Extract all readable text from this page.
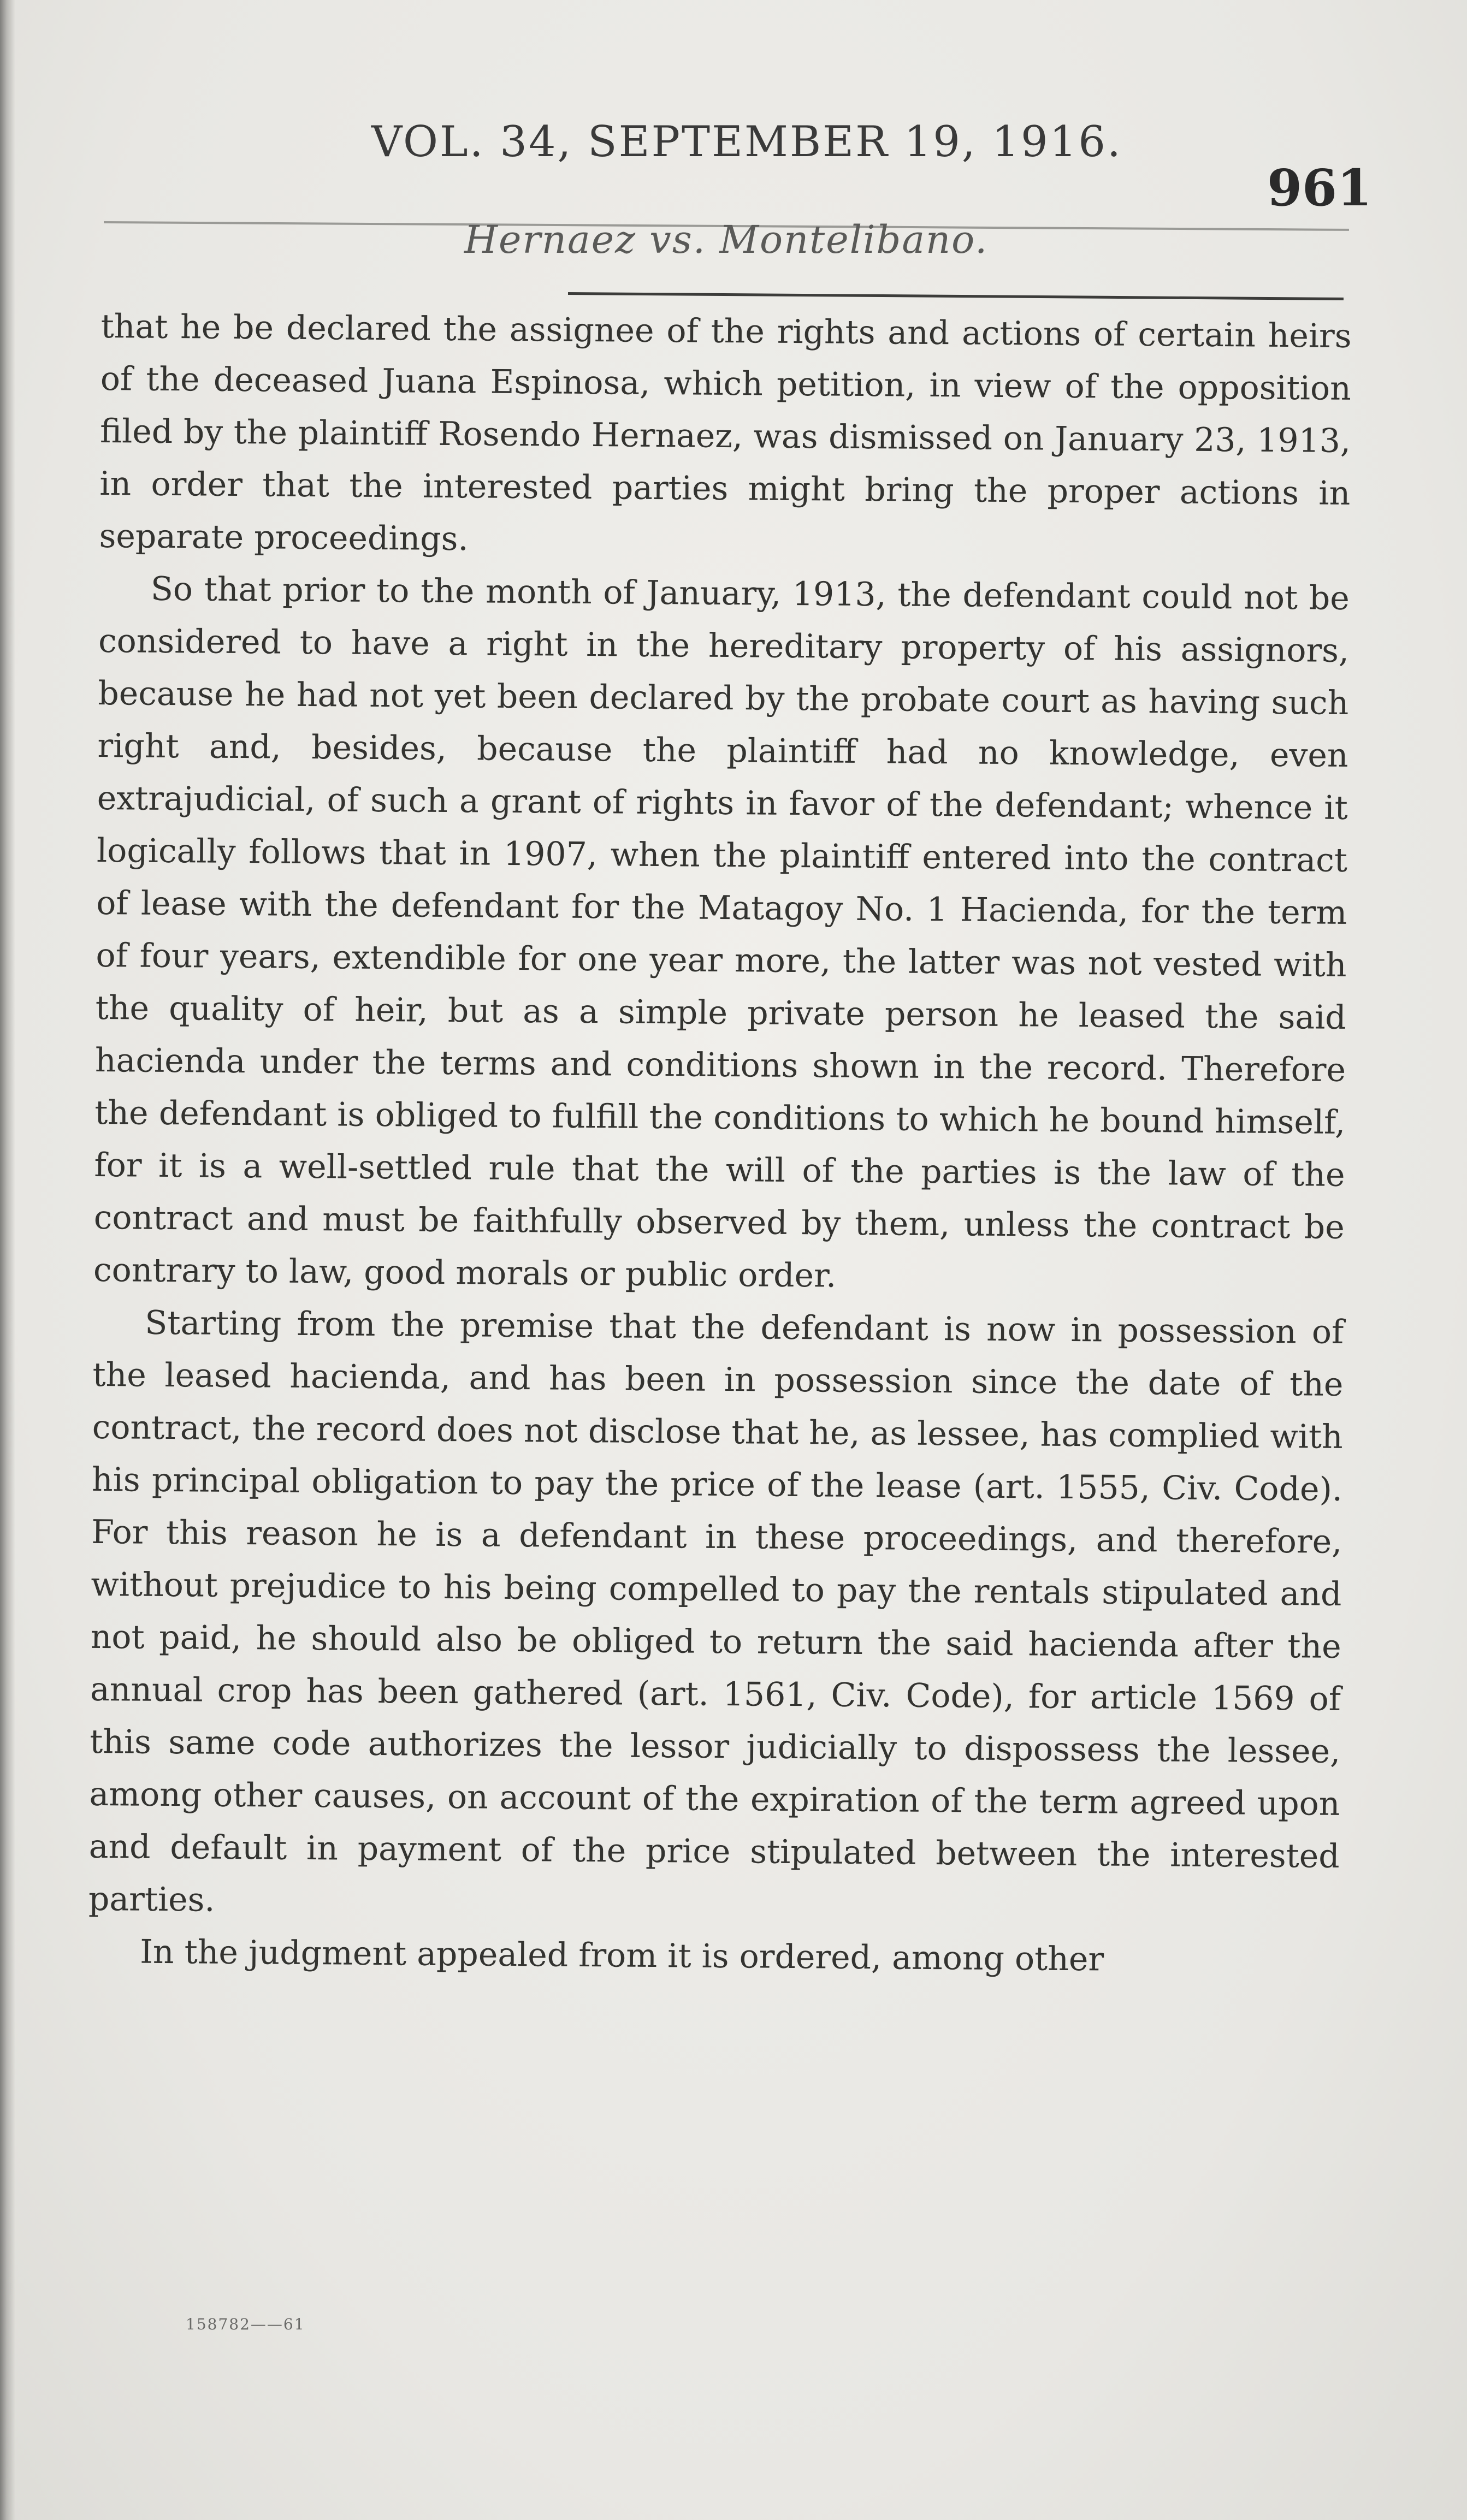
VOL. 34, SEPTEMBER 19, 1916.
961
Hernaez vs. Montelibano.

that he be declared the assignee of the rights and actions of certain heirs of the deceased Juana Espinosa, which petition, in view of the opposition filed by the plaintiff Rosendo Hernaez, was dismissed on January 23, 1913, in order that the interested parties might bring the proper actions in separate proceedings.

So that prior to the month of January, 1913, the defendant could not be considered to have a right in the hereditary property of his assignors, because he had not yet been declared by the probate court as having such right and, besides, because the plaintiff had no knowledge, even extrajudicial, of such a grant of rights in favor of the defendant; whence it logically follows that in 1907, when the plaintiff entered into the contract of lease with the defendant for the Matagoy No. 1 Hacienda, for the term of four years, extendible for one year more, the latter was not vested with the quality of heir, but as a simple private person he leased the said hacienda under the terms and conditions shown in the record. Therefore the defendant is obliged to fulfill the conditions to which he bound himself, for it is a well-settled rule that the will of the parties is the law of the contract and must be faithfully observed by them, unless the contract be contrary to law, good morals or public order.

Starting from the premise that the defendant is now in possession of the leased hacienda, and has been in possession since the date of the contract, the record does not disclose that he, as lessee, has complied with his principal obligation to pay the price of the lease (art. 1555, Civ. Code). For this reason he is a defendant in these proceedings, and therefore, without prejudice to his being compelled to pay the rentals stipulated and not paid, he should also be obliged to return the said hacienda after the annual crop has been gathered (art. 1561, Civ. Code), for article 1569 of this same code authorizes the lessor judicially to dispossess the lessee, among other causes, on account of the expiration of the term agreed upon and default in payment of the price stipulated between the interested parties.

In the judgment appealed from it is ordered, among other

158782——61
